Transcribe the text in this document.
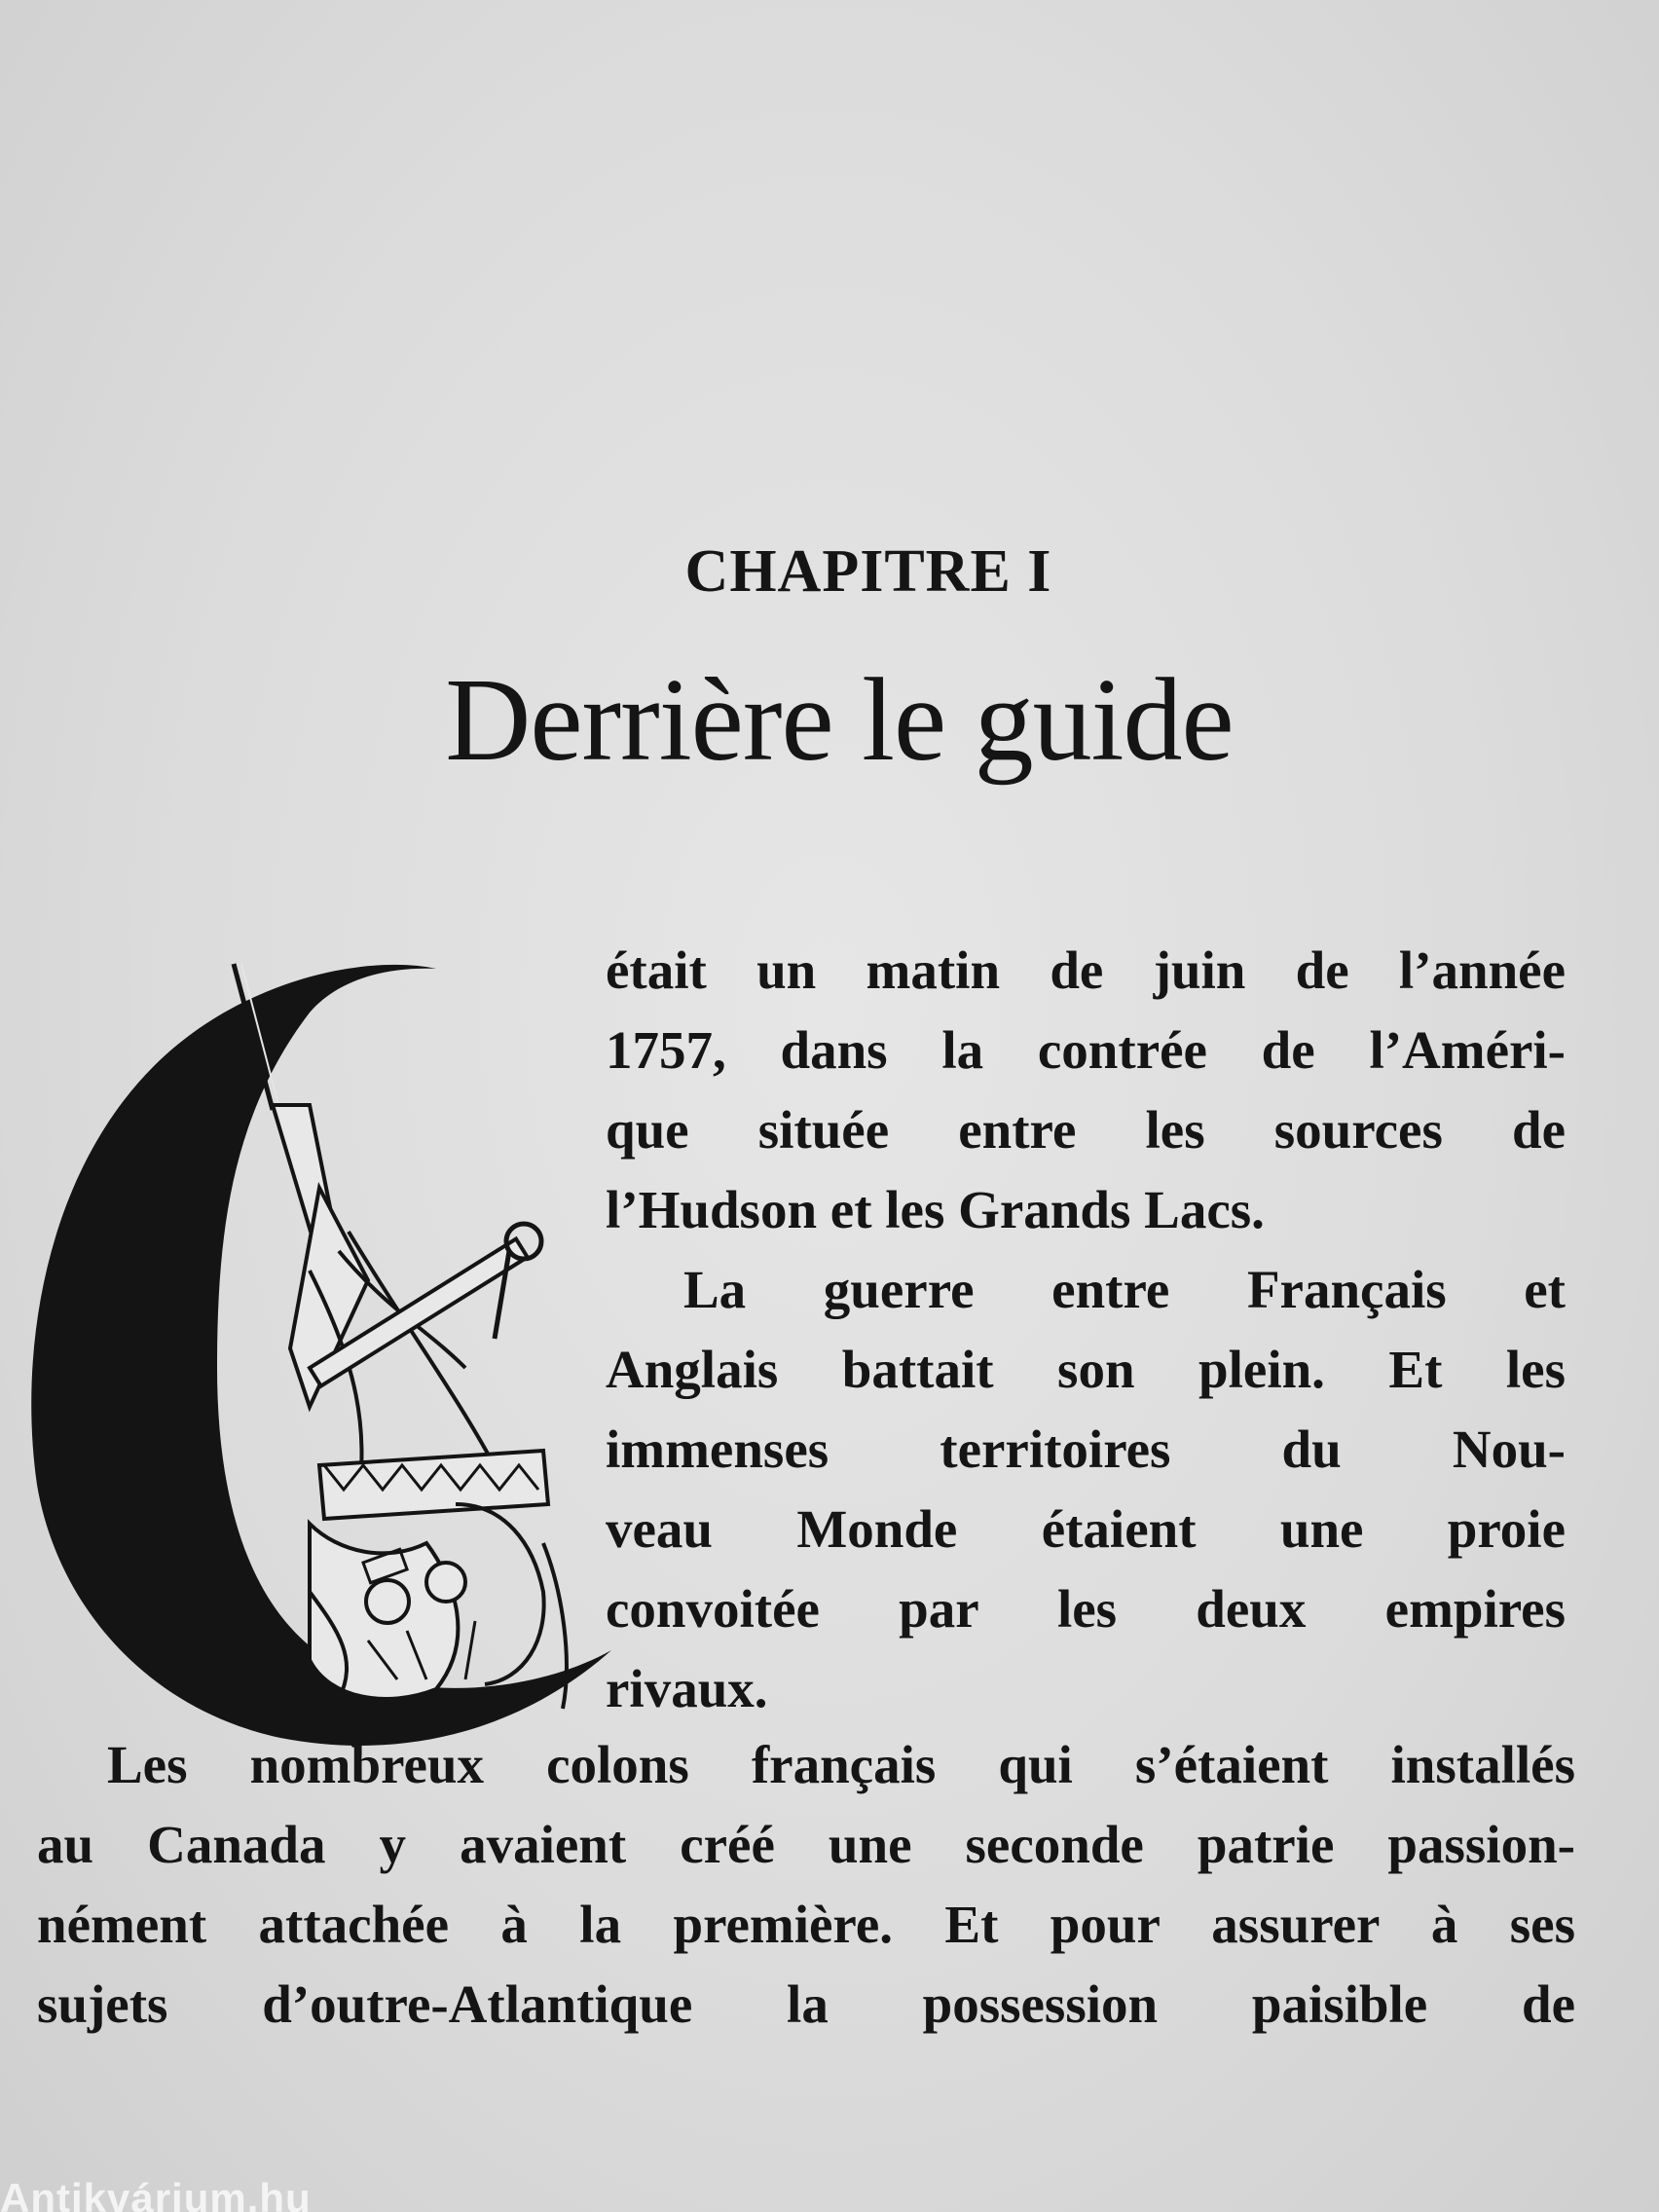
CHAPITRE I
Derrière le guide
était un matin de juin de l’année
1757, dans la contrée de l’Améri-
que située entre les sources de
l’Hudson et les Grands Lacs.
La guerre entre Français et
Anglais battait son plein. Et les
immenses territoires du Nou-
veau Monde étaient une proie
convoitée par les deux empires
rivaux.
Les nombreux colons français qui s’étaient installés
au Canada y avaient créé une seconde patrie passion-
nément attachée à la première. Et pour assurer à ses
sujets d’outre-Atlantique la possession paisible de
Antikvárium.hu
